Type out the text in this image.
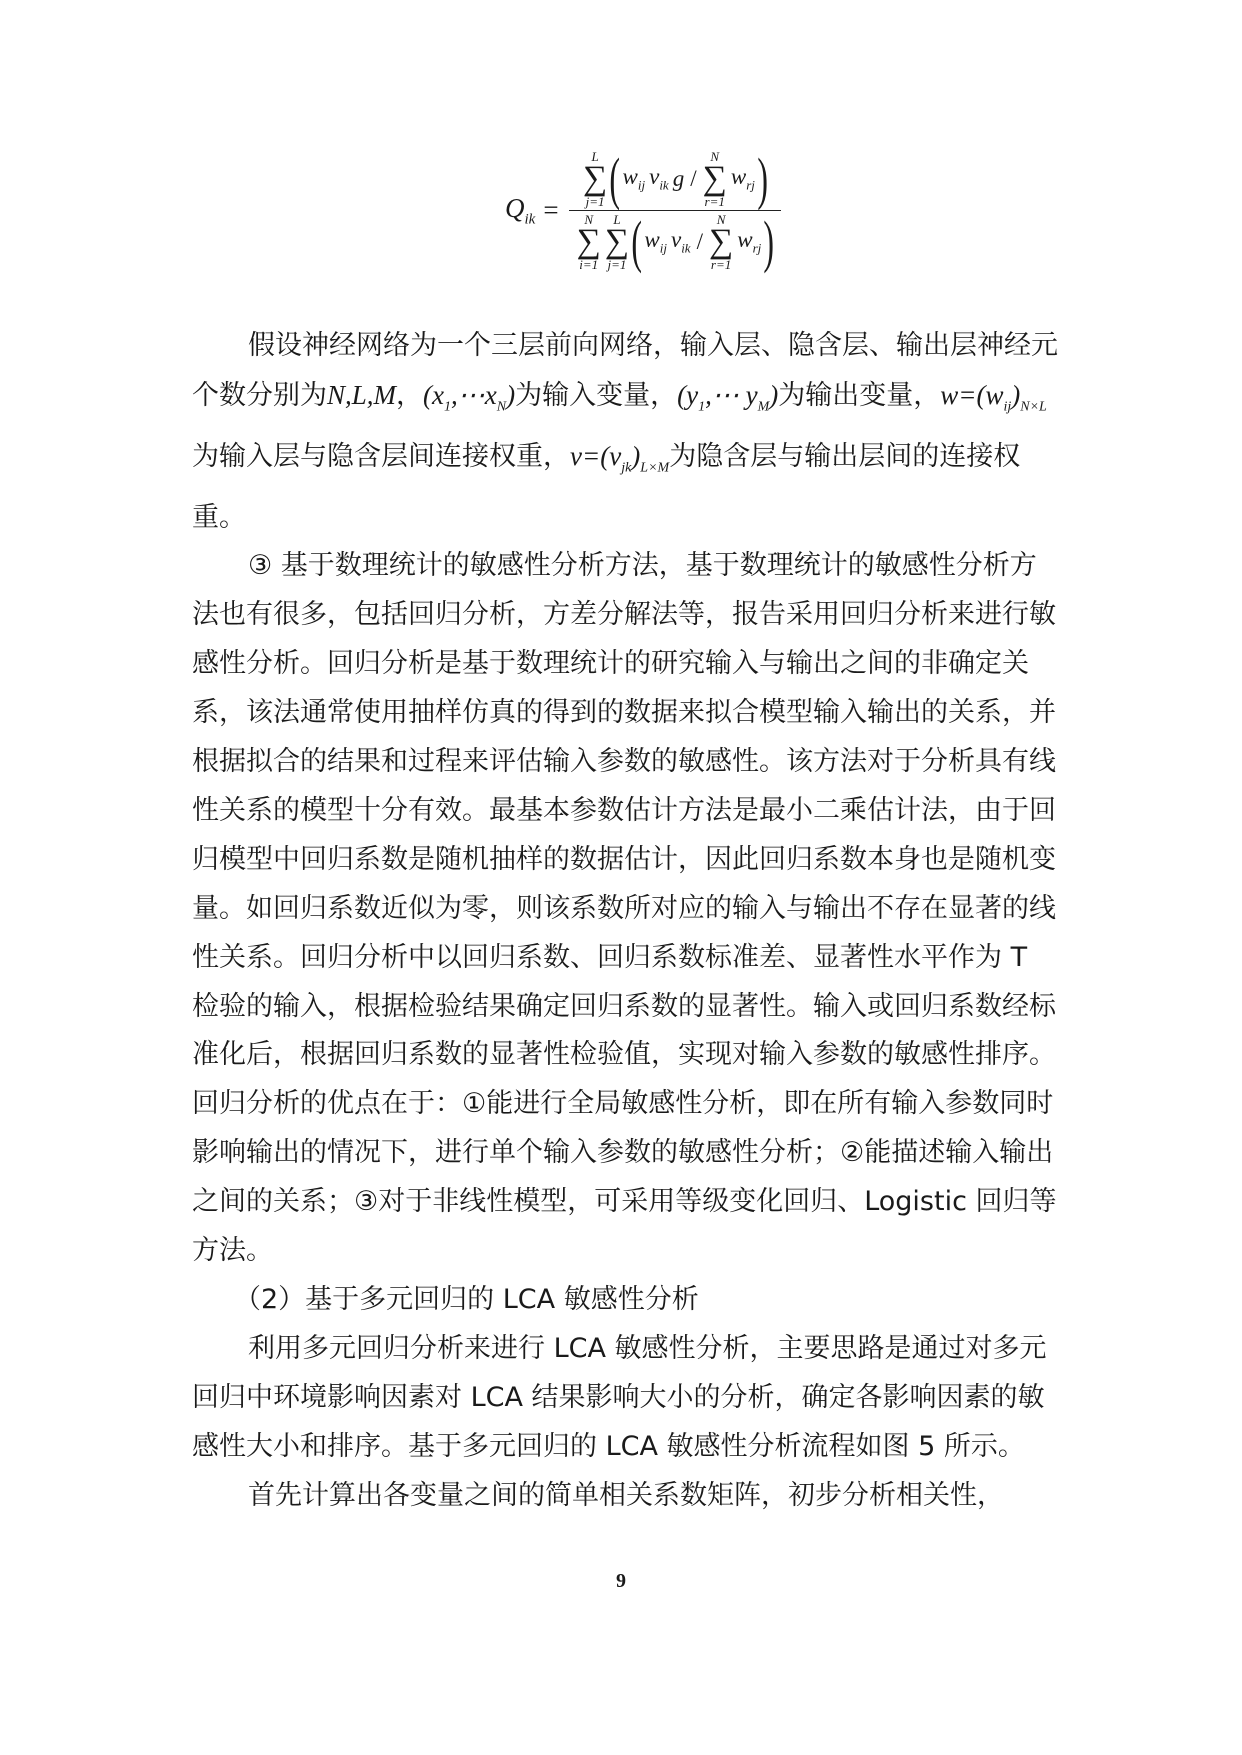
$Q_{ik}$ =
L
∑
j=1 ( $w_{ij}$ $v_{ik}$ g /
N
∑
r=1
$w_{rj}$ )
N
∑
i=1
L
∑
j=1 ( $w_{ij}$ $v_{ik}$ /
N
∑
r=1
$w_{rj}$ )

假设神经网络为一个三层前向网络，输入层、隐含层、输出层神经元个数分别为N,L,M，$(x_1,\cdots x_N)$为输入变量，($y_1,\cdots$ $y_M$)为输出变量，$w=(w_{ij})_{N\times L}$为输入层与隐含层间连接权重，$v=(v_{jk})_{L\times M}$为隐含层与输出层间的连接权重。

③ 基于数理统计的敏感性分析方法，基于数理统计的敏感性分析方法也有很多，包括回归分析，方差分解法等，报告采用回归分析来进行敏感性分析。回归分析是基于数理统计的研究输入与输出之间的非确定关系，该法通常使用抽样仿真的得到的数据来拟合模型输入输出的关系，并根据拟合的结果和过程来评估输入参数的敏感性。该方法对于分析具有线性关系的模型十分有效。最基本参数估计方法是最小二乘估计法，由于回归模型中回归系数是随机抽样的数据估计，因此回归系数本身也是随机变量。如回归系数近似为零，则该系数所对应的输入与输出不存在显著的线性关系。回归分析中以回归系数、回归系数标准差、显著性水平作为 T 检验的输入，根据检验结果确定回归系数的显著性。输入或回归系数经标准化后，根据回归系数的显著性检验值，实现对输入参数的敏感性排序。回归分析的优点在于：①能进行全局敏感性分析，即在所有输入参数同时影响输出的情况下，进行单个输入参数的敏感性分析；②能描述输入输出之间的关系；③对于非线性模型，可采用等级变化回归、Logistic 回归等方法。

（2）基于多元回归的 LCA 敏感性分析

利用多元回归分析来进行 LCA 敏感性分析，主要思路是通过对多元回归中环境影响因素对 LCA 结果影响大小的分析，确定各影响因素的敏感性大小和排序。基于多元回归的 LCA 敏感性分析流程如图 5 所示。

首先计算出各变量之间的简单相关系数矩阵，初步分析相关性，

9
